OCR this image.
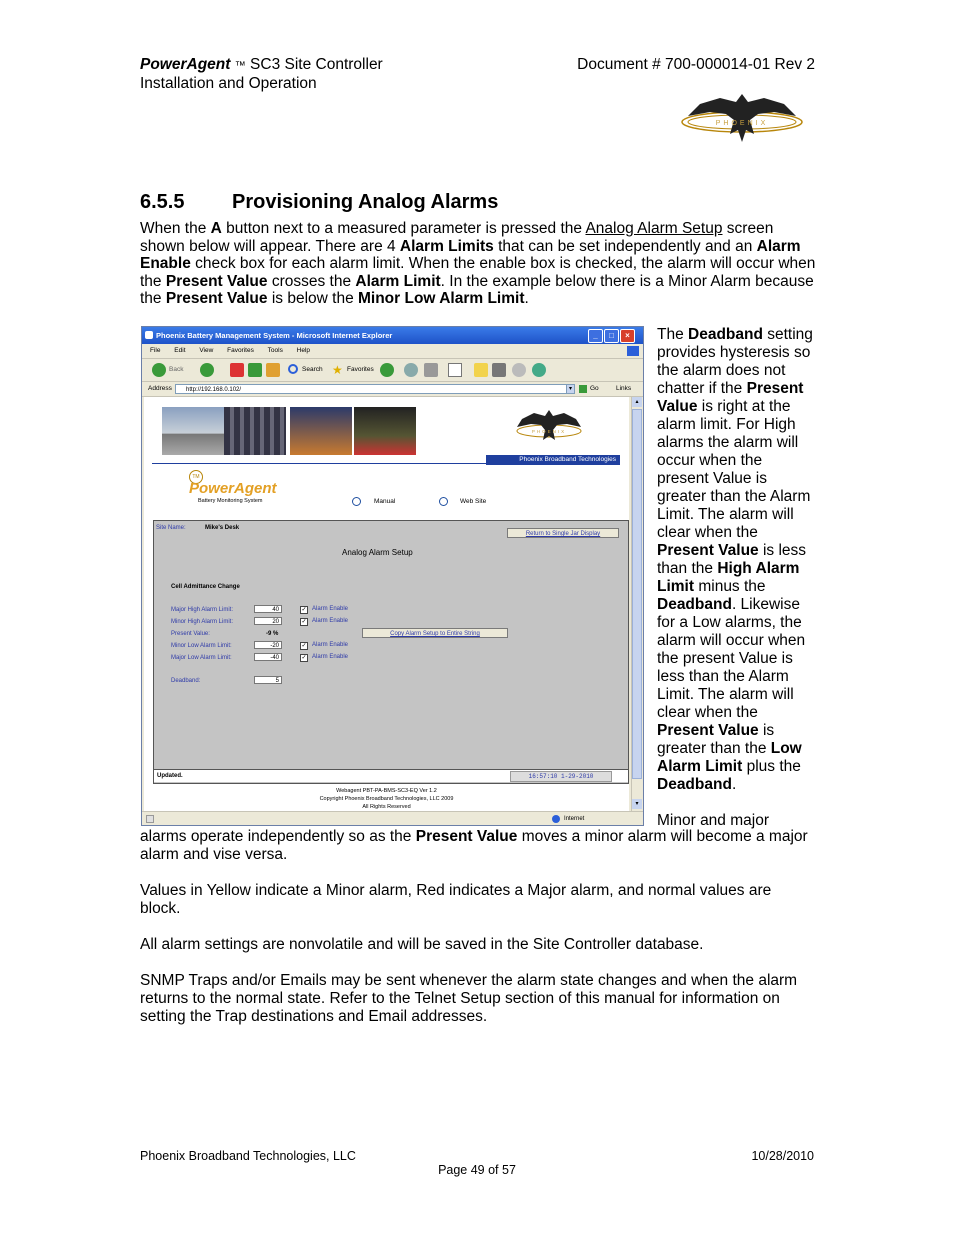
PowerAgent ™ SC3 Site Controller
Installation and Operation
Document # 700-000014-01 Rev 2
PHOENIX
6.5.5 Provisioning Analog Alarms
When the A button next to a measured parameter is pressed the Analog Alarm Setup screen shown below will appear. There are 4 Alarm Limits that can be set independently and an Alarm Enable check box for each alarm limit. When the enable box is checked, the alarm will occur when the Present Value crosses the Alarm Limit. In the example below there is a Minor Alarm because the Present Value is below the Minor Low Alarm Limit.
Phoenix Battery Management System - Microsoft Internet Explorer	_	□	×
File Edit View Favorites Tools Help
Back	Search ★ Favorites
Address	http://192.168.0.102/	▾	Go	Links
PHOENIX
Phoenix Broadband Technologies
TM
PowerAgent
Battery Monitoring System	Manual	Web Site
Site Name:	Mike's Desk
Return to Single Jar Display
Analog Alarm Setup
Cell Admittance Change
Major High Alarm Limit:	40	✓ Alarm Enable
Minor High Alarm Limit:	20	✓ Alarm Enable
Present Value:	-9 %	Copy Alarm Setup to Entire String
Minor Low Alarm Limit:	-20	✓ Alarm Enable
Major Low Alarm Limit:	-40	✓ Alarm Enable
Deadband:	5
Updated.	16:57:10 1-29-2010
Webagent PBT-PA-BMS-SC3-EQ Ver 1.2
Copyright Phoenix Broadband Technologies, LLC 2009
All Rights Reserved
▴
▾
Internet
The Deadband setting provides hysteresis so the alarm does not chatter if the Present Value is right at the alarm limit. For High alarms the alarm will occur when the present Value is greater than the Alarm Limit. The alarm will clear when the Present Value is less than the High Alarm Limit minus the Deadband. Likewise for a Low alarms, the alarm will occur when the present Value is less than the Alarm Limit. The alarm will clear when the Present Value is greater than the Low Alarm Limit plus the Deadband.

Minor and major
alarms operate independently so as the Present Value moves a minor alarm will become a major alarm and vise versa.
Values in Yellow indicate a Minor alarm, Red indicates a Major alarm, and normal values are block.
All alarm settings are nonvolatile and will be saved in the Site Controller database.
SNMP Traps and/or Emails may be sent whenever the alarm state changes and when the alarm returns to the normal state. Refer to the Telnet Setup section of this manual for information on setting the Trap destinations and Email addresses.
Phoenix Broadband Technologies, LLC	10/28/2010
Page 49 of 57
